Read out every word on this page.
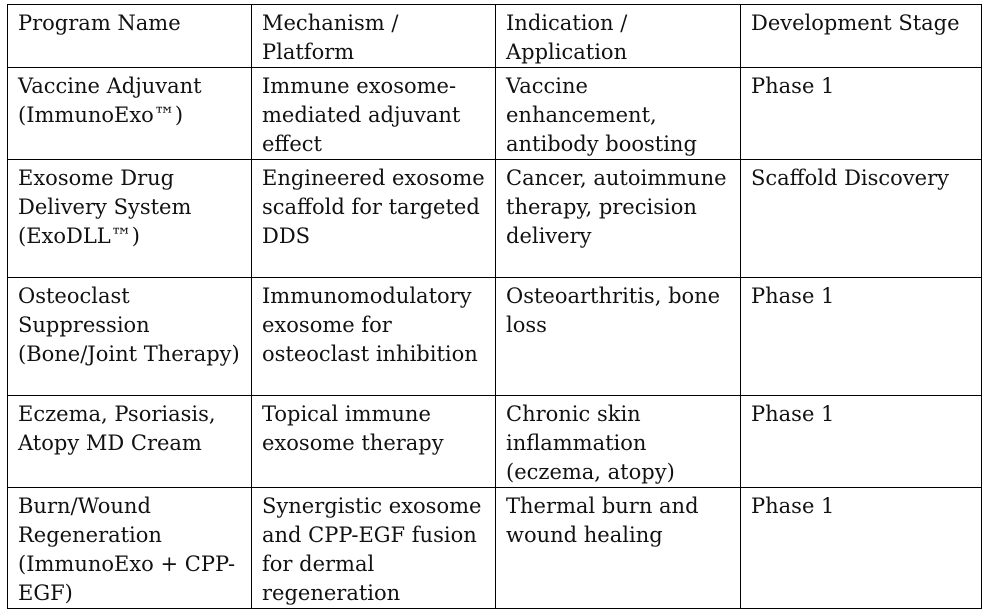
Program Name	Mechanism / Platform	Indication / Application	Development Stage
Vaccine Adjuvant (ImmunoExo™)	Immune exosome-mediated adjuvant effect	Vaccine enhancement, antibody boosting	Phase 1
Exosome Drug Delivery System (ExoDLL™)	Engineered exosome scaffold for targeted DDS	Cancer, autoimmune therapy, precision delivery	Scaffold Discovery
Osteoclast Suppression (Bone/Joint Therapy)	Immunomodulatory exosome for osteoclast inhibition	Osteoarthritis, bone loss	Phase 1
Eczema, Psoriasis, Atopy MD Cream	Topical immune exosome therapy	Chronic skin inflammation (eczema, atopy)	Phase 1
Burn/Wound Regeneration (ImmunoExo + CPP-EGF)	Synergistic exosome and CPP-EGF fusion for dermal regeneration	Thermal burn and wound healing	Phase 1
